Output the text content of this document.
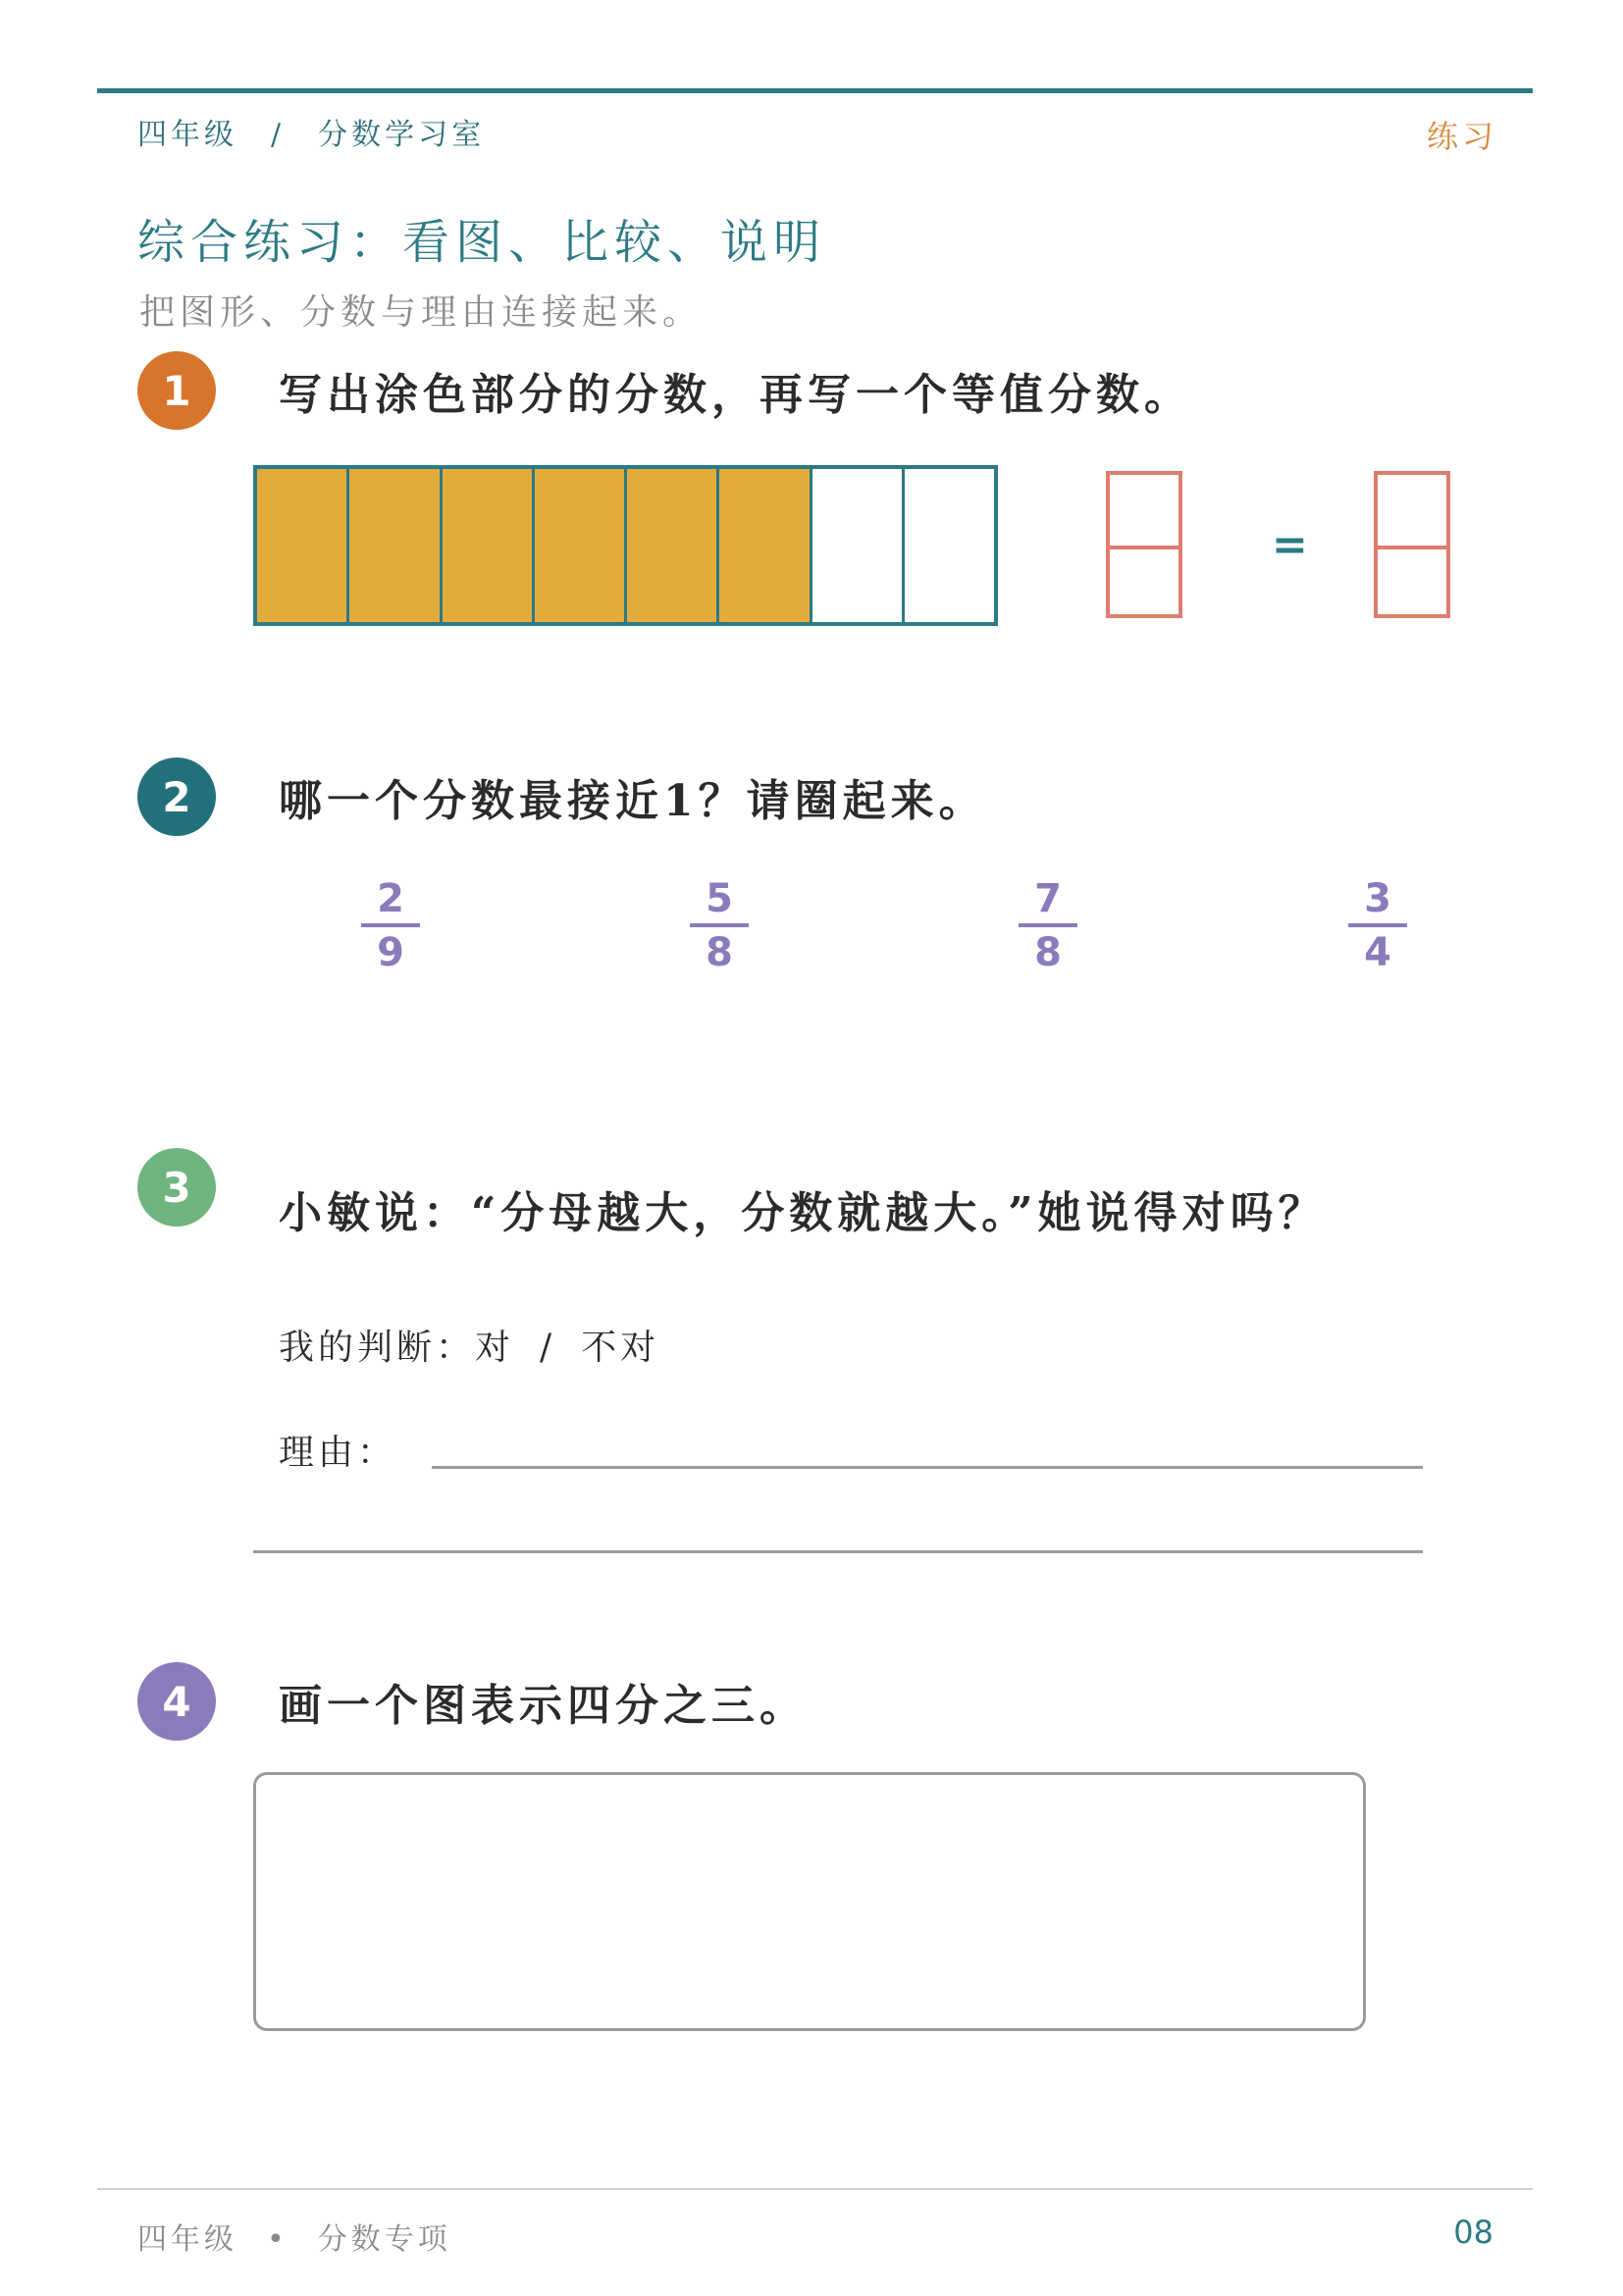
四年级 / 分数学习室	练习
综合练习：看图、比较、说明
把图形、分数与理由连接起来。
1	写出涂色部分的分数，再写一个等值分数。
=
2	哪一个分数最接近1？请圈起来。
$\frac{2}{9}$	$\frac{5}{8}$	$\frac{7}{8}$	$\frac{3}{4}$
3
小敏说：“分母越大，分数就越大。”她说得对吗？
我的判断：对 / 不对
理由：
4	画一个图表示四分之三。
四年级 • 分数专项	08
